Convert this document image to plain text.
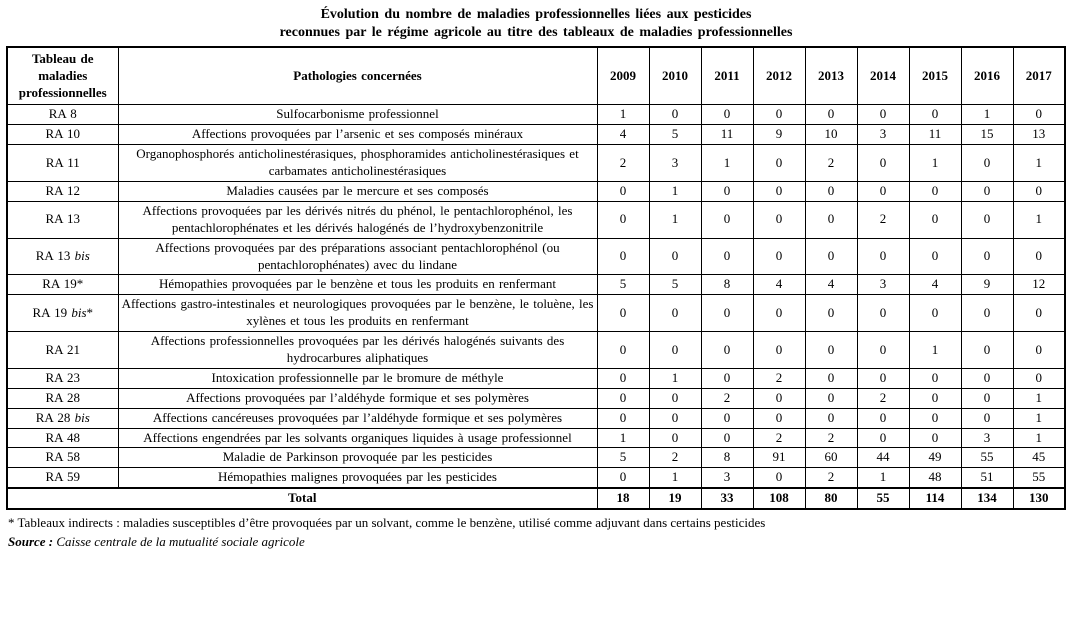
Évolution du nombre de maladies professionnelles liées aux pesticides
reconnues par le régime agricole au titre des tableaux de maladies professionnelles
Tableau de maladies professionnelles	Pathologies concernées	2009	2010	2011	2012	2013	2014	2015	2016	2017
RA 8	Sulfocarbonisme professionnel	1	0	0	0	0	0	0	1	0
RA 10	Affections provoquées par l’arsenic et ses composés minéraux	4	5	11	9	10	3	11	15	13
RA 11	Organophosphorés anticholinestérasiques, phosphoramides anticholinestérasiques et carbamates anticholinestérasiques	2	3	1	0	2	0	1	0	1
RA 12	Maladies causées par le mercure et ses composés	0	1	0	0	0	0	0	0	0
RA 13	Affections provoquées par les dérivés nitrés du phénol, le pentachlorophénol, les pentachlorophénates et les dérivés halogénés de l’hydroxybenzonitrile	0	1	0	0	0	2	0	0	1
RA 13 bis	Affections provoquées par des préparations associant pentachlorophénol (ou pentachlorophénates) avec du lindane	0	0	0	0	0	0	0	0	0
RA 19*	Hémopathies provoquées par le benzène et tous les produits en renfermant	5	5	8	4	4	3	4	9	12
RA 19 bis*	Affections gastro-intestinales et neurologiques provoquées par le benzène, le toluène, les xylènes et tous les produits en renfermant	0	0	0	0	0	0	0	0	0
RA 21	Affections professionnelles provoquées par les dérivés halogénés suivants des hydrocarbures aliphatiques	0	0	0	0	0	0	1	0	0
RA 23	Intoxication professionnelle par le bromure de méthyle	0	1	0	2	0	0	0	0	0
RA 28	Affections provoquées par l’aldéhyde formique et ses polymères	0	0	2	0	0	2	0	0	1
RA 28 bis	Affections cancéreuses provoquées par l’aldéhyde formique et ses polymères	0	0	0	0	0	0	0	0	1
RA 48	Affections engendrées par les solvants organiques liquides à usage professionnel	1	0	0	2	2	0	0	3	1
RA 58	Maladie de Parkinson provoquée par les pesticides	5	2	8	91	60	44	49	55	45
RA 59	Hémopathies malignes provoquées par les pesticides	0	1	3	0	2	1	48	51	55
Total		18	19	33	108	80	55	114	134	130
* Tableaux indirects : maladies susceptibles d’être provoquées par un solvant, comme le benzène, utilisé comme adjuvant dans certains pesticides
Source : Caisse centrale de la mutualité sociale agricole
